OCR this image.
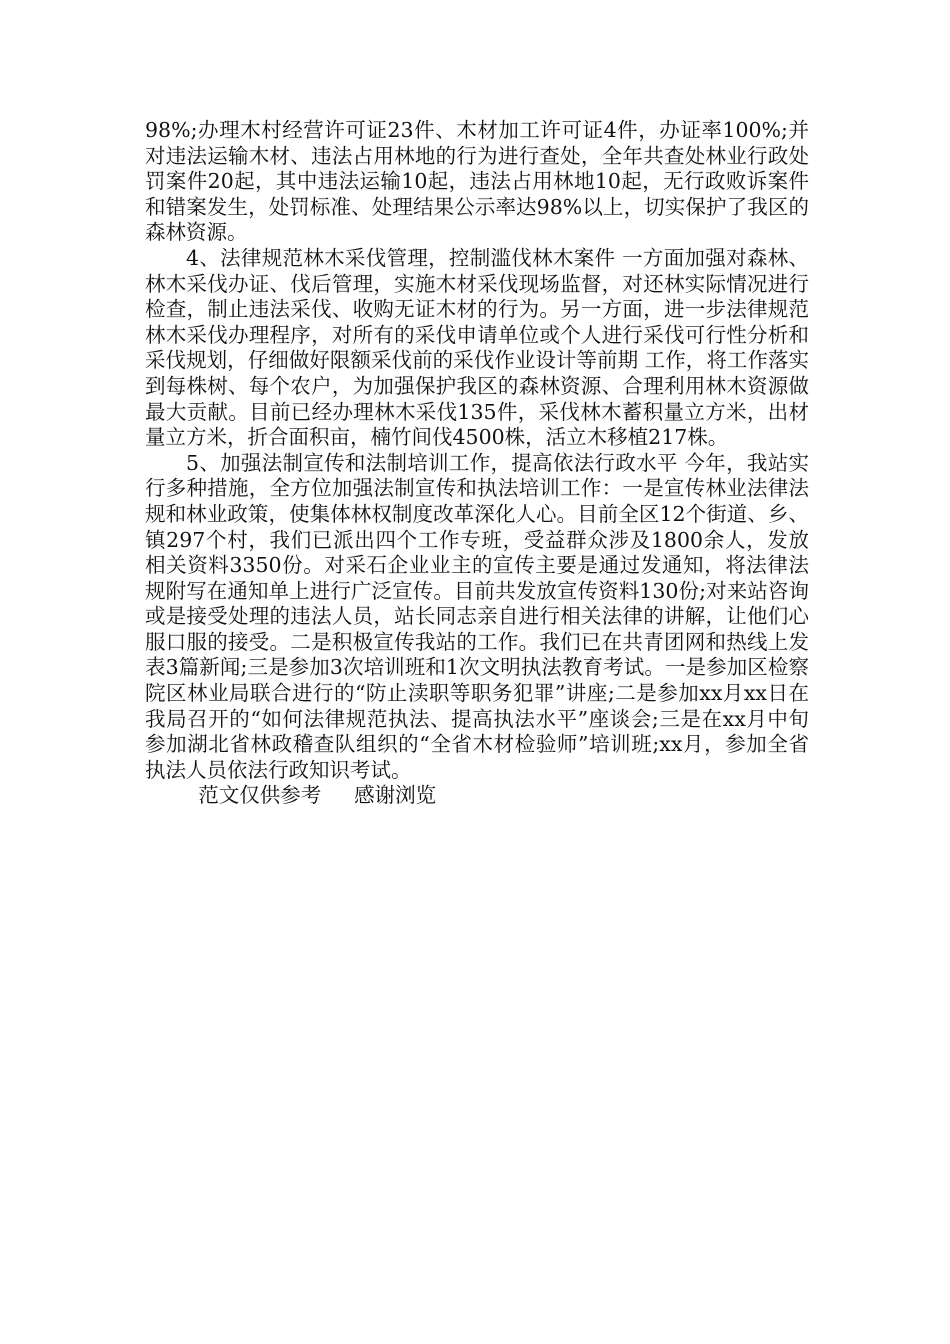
98%;办理木村经营许可证23件、木材加工许可证4件，办证率100%;并对违法运输木材、违法占用林地的行为进行查处，全年共查处林业行政处罚案件20起，其中违法运输10起，违法占用林地10起，无行政败诉案件和错案发生，处罚标准、处理结果公示率达98%以上，切实保护了我区的森林资源。

4、法律规范林木采伐管理，控制滥伐林木案件 一方面加强对森林、林木采伐办证、伐后管理，实施木材采伐现场监督，对还林实际情况进行检查，制止违法采伐、收购无证木材的行为。另一方面，进一步法律规范林木采伐办理程序，对所有的采伐申请单位或个人进行采伐可行性分析和采伐规划，仔细做好限额采伐前的采伐作业设计等前期 工作，将工作落实到每株树、每个农户，为加强保护我区的森林资源、合理利用林木资源做最大贡献。目前已经办理林木采伐135件，采伐林木蓄积量立方米，出材量立方米，折合面积亩，楠竹间伐4500株，活立木移植217株。

5、加强法制宣传和法制培训工作，提高依法行政水平 今年，我站实行多种措施，全方位加强法制宣传和执法培训工作：一是宣传林业法律法规和林业政策，使集体林权制度改革深化人心。目前全区12个街道、乡、镇297个村，我们已派出四个工作专班，受益群众涉及1800余人，发放相关资料3350份。对采石企业业主的宣传主要是通过发通知，将法律法规附写在通知单上进行广泛宣传。目前共发放宣传资料130份;对来站咨询或是接受处理的违法人员，站长同志亲自进行相关法律的讲解，让他们心服口服的接受。二是积极宣传我站的工作。我们已在共青团网和热线上发表3篇新闻;三是参加3次培训班和1次文明执法教育考试。一是参加区检察院区林业局联合进行的“防止渎职等职务犯罪”讲座;二是参加xx月xx日在我局召开的“如何法律规范执法、提高执法水平”座谈会;三是在xx月中旬参加湖北省林政稽查队组织的“全省木材检验师”培训班;xx月，参加全省执法人员依法行政知识考试。

范文仅供参考 感谢浏览
